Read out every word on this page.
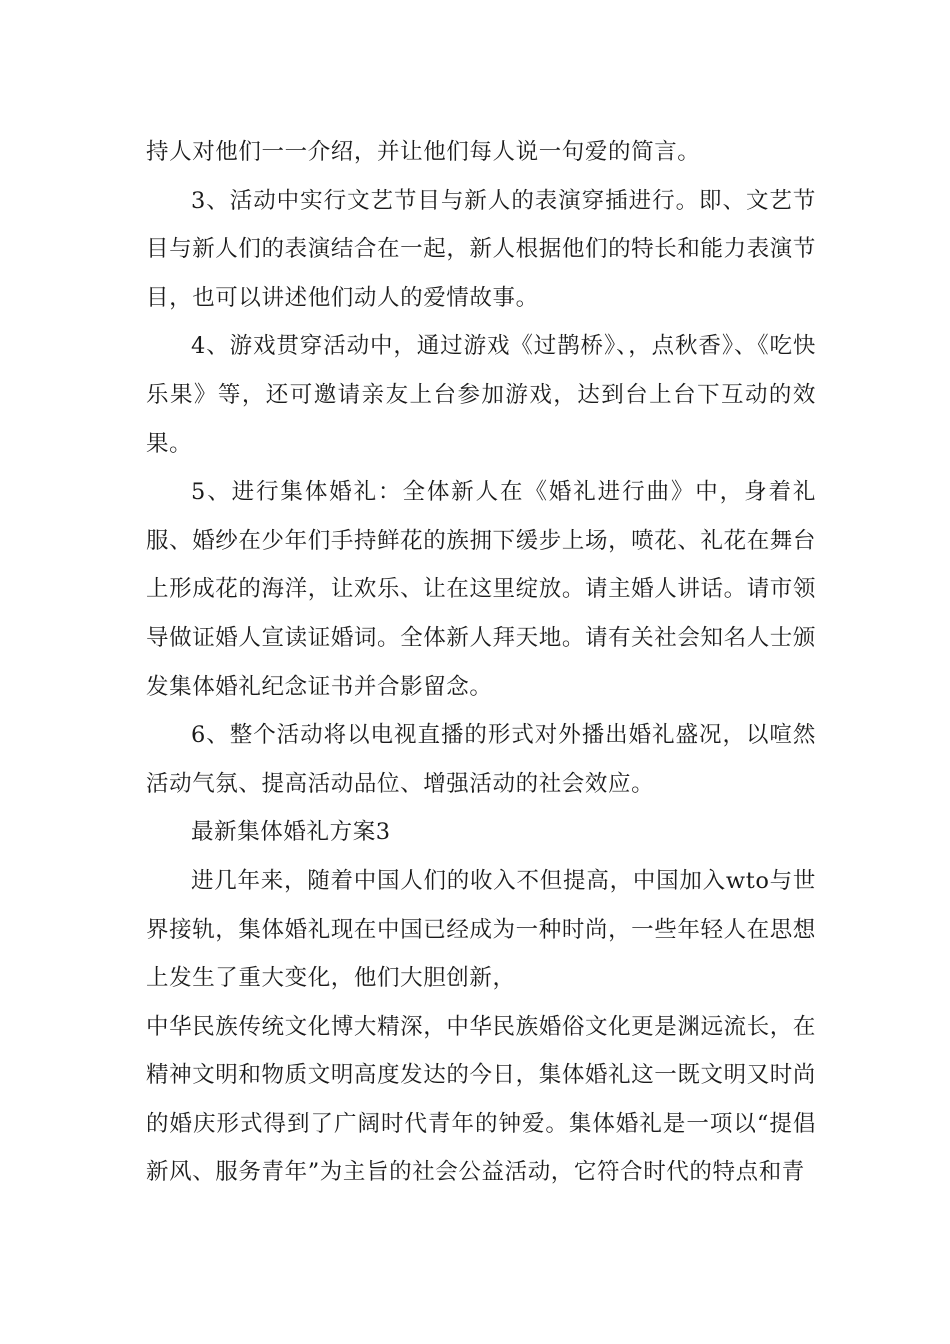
持人对他们一一介绍，并让他们每人说一句爱的简言。

3、活动中实行文艺节目与新人的表演穿插进行。即、文艺节目与新人们的表演结合在一起，新人根据他们的特长和能力表演节目，也可以讲述他们动人的爱情故事。

4、游戏贯穿活动中，通过游戏《过鹊桥》、，点秋香》、《吃快乐果》等，还可邀请亲友上台参加游戏，达到台上台下互动的效果。

5、进行集体婚礼：全体新人在《婚礼进行曲》中，身着礼服、婚纱在少年们手持鲜花的族拥下缓步上场，喷花、礼花在舞台上形成花的海洋，让欢乐、让在这里绽放。请主婚人讲话。请市领导做证婚人宣读证婚词。全体新人拜天地。请有关社会知名人士颁发集体婚礼纪念证书并合影留念。

6、整个活动将以电视直播的形式对外播出婚礼盛况，以喧然活动气氛、提高活动品位、增强活动的社会效应。

最新集体婚礼方案3

进几年来，随着中国人们的收入不但提高，中国加入wto与世界接轨，集体婚礼现在中国已经成为一种时尚，一些年轻人在思想上发生了重大变化，他们大胆创新，

中华民族传统文化博大精深，中华民族婚俗文化更是渊远流长，在精神文明和物质文明高度发达的今日，集体婚礼这一既文明又时尚的婚庆形式得到了广阔时代青年的钟爱。集体婚礼是一项以“提倡新风、服务青年”为主旨的社会公益活动，它符合时代的特点和青
